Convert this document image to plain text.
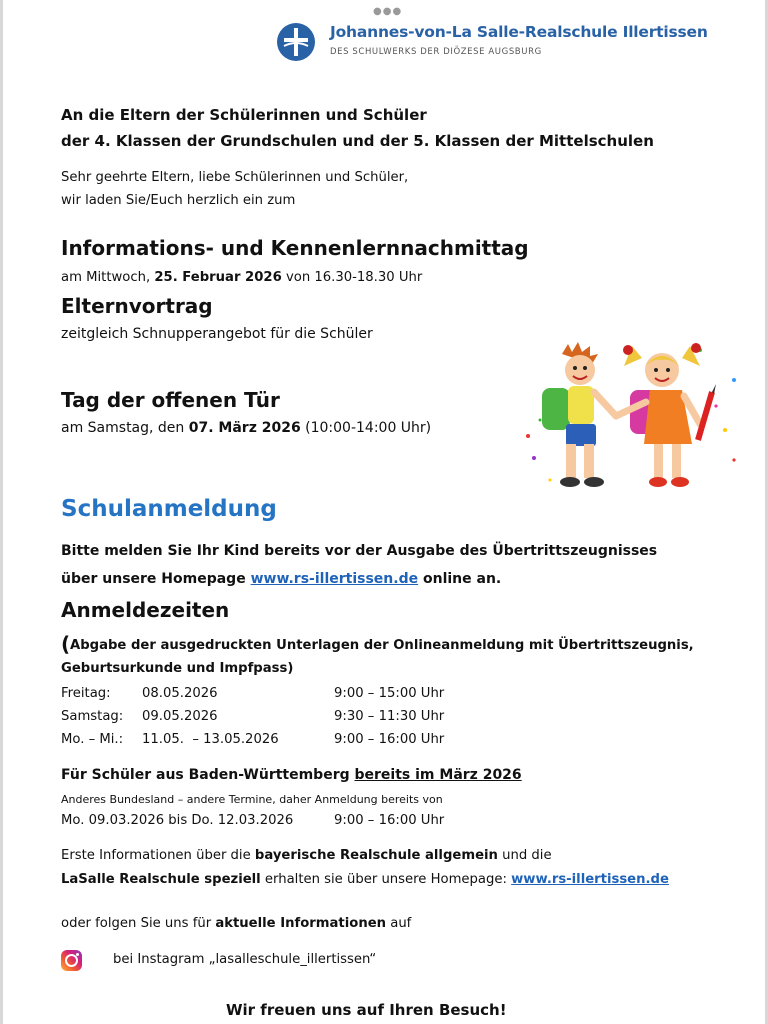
●●●
Johannes-von-La Salle-Realschule Illertissen
DES SCHULWERKS DER DIÖZESE AUGSBURG
An die Eltern der Schülerinnen und Schüler
der 4. Klassen der Grundschulen und der 5. Klassen der Mittelschulen
Sehr geehrte Eltern, liebe Schülerinnen und Schüler,
wir laden Sie/Euch herzlich ein zum
Informations- und Kennenlernnachmittag
am Mittwoch, 25. Februar 2026 von 16.30-18.30 Uhr
Elternvortrag
zeitgleich Schnupperangebot für die Schüler
Tag der offenen Tür
am Samstag, den 07. März 2026 (10:00-14:00 Uhr)
Schulanmeldung
Bitte melden Sie Ihr Kind bereits vor der Ausgabe des Übertrittszeugnisses
über unsere Homepage www.rs-illertissen.de online an.
Anmeldezeiten
( Abgabe der ausgedruckten Unterlagen der Onlineanmeldung mit Übertrittszeugnis,
Geburtsurkunde und Impfpass)
Freitag: 08.05.2026	9:00 – 15:00 Uhr
Samstag: 09.05.2026	9:30 – 11:30 Uhr
Mo. – Mi.: 11.05.  – 13.05.2026	9:00 – 16:00 Uhr
Für Schüler aus Baden-Württemberg bereits im März 2026
Anderes Bundesland – andere Termine, daher Anmeldung bereits von
Mo. 09.03.2026 bis Do. 12.03.2026	9:00 – 16:00 Uhr
Erste Informationen über die bayerische Realschule allgemein und die
LaSalle Realschule speziell erhalten sie über unsere Homepage: www.rs-illertissen.de
oder folgen Sie uns für aktuelle Informationen auf
bei Instagram „lasalleschule_illertissen“
Wir freuen uns auf Ihren Besuch!
